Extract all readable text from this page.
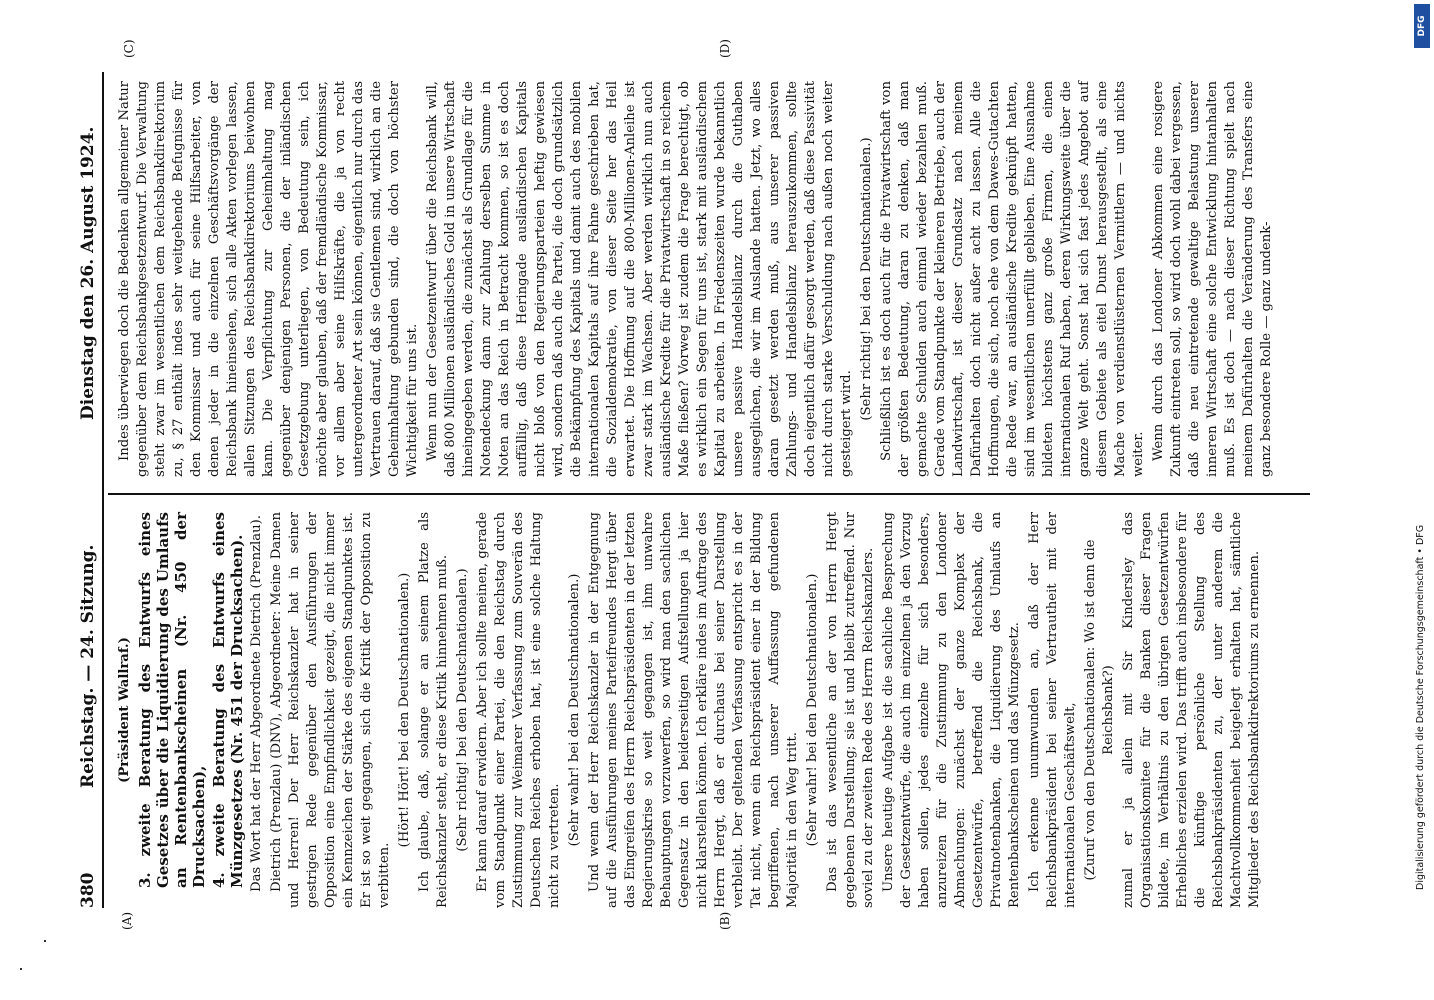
380
Reichstag. — 24. Sitzung.
Dienstag den 26. August 1924.
(A)	(B)
(C)	(D)

(Präsident Wallraf.) 3. zweite Beratung des Entwurfs eines Gesetzes über die Liquidierung des Umlaufs an Rentenbankscheinen (Nr. 450 der Drucksachen), 4. zweite Beratung des Entwurfs eines Münzgesetzes (Nr. 451 der Drucksachen). Das Wort hat der Herr Abgeordnete Dietrich (Prenzlau). Dietrich (Prenzlau) (DNV), Abgeordneter: Meine Damen und Herren! Der Herr Reichskanzler hat in seiner gestrigen Rede gegenüber den Ausführungen der Opposition eine Empfindlichkeit gezeigt, die nicht immer ein Kennzeichen der Stärke des eigenen Standpunktes ist. Er ist so weit gegangen, sich die Kritik der Opposition zu verbitten.

(Hört! Hört! bei den Deutschnationalen.) Ich glaube, daß, solange er an seinem Platze als Reichskanzler steht, er diese Kritik hinnehmen muß. (Sehr richtig! bei den Deutschnationalen.) Er kann darauf erwidern. Aber ich sollte meinen, gerade vom Standpunkt einer Partei, die den Reichstag durch Zustimmung zur Weimarer Verfassung zum Souverän des Deutschen Reiches erhoben hat, ist eine solche Haltung nicht zu vertreten. (Sehr wahr! bei den Deutschnationalen.) Und wenn der Herr Reichskanzler in der Entgegnung auf die Ausführungen meines Parteifreundes Hergt über das Eingreifen des Herrn Reichspräsidenten in der letzten Regierungskrise so weit gegangen ist, ihm unwahre Behauptungen vorzuwerfen, so wird man den sachlichen Gegensatz in den beiderseitigen Aufstellungen ja hier nicht klarstellen können. Ich erkläre indes im Auftrage des Herrn Hergt, daß er durchaus bei seiner Darstellung verbleibt. Der geltenden Verfassung entspricht es in der Tat nicht, wenn ein Reichspräsident einer in der Bildung begriffenen, nach unserer Auffassung gefundenen Majorität in den Weg tritt. (Sehr wahr! bei den Deutschnationalen.) Das ist das wesentliche an der von Herrn Hergt gegebenen Darstellung; sie ist und bleibt zutreffend. Nur soviel zu der zweiten Rede des Herrn Reichskanzlers. Unsere heutige Aufgabe ist die sachliche Besprechung der Gesetzentwürfe, die auch im einzelnen ja den Vorzug haben sollen, jedes einzelne für sich besonders, anzureizen für die Zustimmung zu den Londoner Abmachungen: zunächst der ganze Komplex der Gesetzentwürfe, betreffend die Reichsbank, die Privatnotenbanken, die Liquidierung des Umlaufs an Rentenbankscheinen und das Münzgesetz. Ich erkenne unumwunden an, daß der Herr Reichsbankpräsident bei seiner Vertrautheit mit der internationalen Geschäftswelt, (Zuruf von den Deutschnationalen: Wo ist denn die Reichsbank?) zumal er ja allein mit Sir Kindersley das Organisationskomitee für die Banken dieser Fragen bildete, im Verhältnis zu den übrigen Gesetzentwürfen Erhebliches erzielen wird. Das trifft auch insbesondere für die künftige persönliche Stellung des Reichsbankpräsidenten zu, der unter anderem die Machtvollkommenheit beigelegt erhalten hat, sämtliche Mitglieder des Reichsbankdirektoriums zu ernennen.

Indes überwiegen doch die Bedenken allgemeiner Natur gegenüber dem Reichsbankgesetzentwurf. Die Verwaltung steht zwar im wesentlichen dem Reichsbankdirektorium zu, § 27 enthält indes sehr weitgehende Befugnisse für den Kommissar und auch für seine Hilfsarbeiter, von denen jeder in die einzelnen Geschäftsvorgänge der Reichsbank hineinsehen, sich alle Akten vorlegen lassen, allen Sitzungen des Reichsbankdirektoriums beiwohnen kann. Die Verpflichtung zur Geheimhaltung mag gegenüber denjenigen Personen, die der inländischen Gesetzgebung unterliegen, von Bedeutung sein, ich möchte aber glauben, daß der fremdländische Kommissar, vor allem aber seine Hilfskräfte, die ja von recht untergeordneter Art sein können, eigentlich nur durch das Vertrauen darauf, daß sie Gentlemen sind, wirklich an die Geheimhaltung gebunden sind, die doch von höchster Wichtigkeit für uns ist. Wenn nun der Gesetzentwurf über die Reichsbank will, daß 800 Millionen ausländisches Gold in unsere Wirtschaft hineingegeben werden, die zunächst als Grundlage für die Notendeckung dann zur Zahlung derselben Summe in Noten an das Reich in Betracht kommen, so ist es doch auffällig, daß diese Heringade ausländischen Kapitals nicht bloß von den Regierungsparteien heftig gewiesen wird, sondern daß auch die Partei, die doch grundsätzlich die Bekämpfung des Kapitals und damit auch des mobilen internationalen Kapitals auf ihre Fahne geschrieben hat, die Sozialdemokratie, von dieser Seite her das Heil erwartet. Die Hoffnung auf die 800-Millionen-Anleihe ist zwar stark im Wachsen. Aber werden wirklich nun auch ausländische Kredite für die Privatwirtschaft in so reichem Maße fließen? Vorweg ist zudem die Frage berechtigt, ob es wirklich ein Segen für uns ist, stark mit ausländischem Kapital zu arbeiten. In Friedenszeiten wurde bekanntlich unsere passive Handelsbilanz durch die Guthaben ausgeglichen, die wir im Auslande hatten. Jetzt, wo alles daran gesetzt werden muß, aus unserer passiven Zahlungs- und Handelsbilanz herauszukommen, sollte doch eigentlich dafür gesorgt werden, daß diese Passivität nicht durch starke Verschuldung nach außen noch weiter gesteigert wird.

(Sehr richtig! bei den Deutschnationalen.) Schließlich ist es doch auch für die Privatwirtschaft von der größten Bedeutung, daran zu denken, daß man gemachte Schulden auch einmal wieder bezahlen muß. Gerade vom Standpunkte der kleineren Betriebe, auch der Landwirtschaft, ist dieser Grundsatz nach meinem Dafürhalten doch nicht außer acht zu lassen. Alle die Hoffnungen, die sich, noch ehe von dem Dawes-Gutachten die Rede war, an ausländische Kredite geknüpft hatten, sind im wesentlichen unerfüllt geblieben. Eine Ausnahme bildeten höchstens ganz große Firmen, die einen internationalen Ruf haben, deren Wirkungsweite über die ganze Welt geht. Sonst hat sich fast jedes Angebot auf diesem Gebiete als eitel Dunst herausgestellt, als eine Mache von verdienstlüsternen Vermittlern — und nichts weiter. Wenn durch das Londoner Abkommen eine rosigere Zukunft eintreten soll, so wird doch wohl dabei vergessen, daß die neu eintretende gewaltige Belastung unserer inneren Wirtschaft eine solche Entwicklung hintanhalten muß. Es ist doch — nach dieser Richtung spielt nach meinem Dafürhalten die Veränderung des Transfers eine ganz besondere Rolle — ganz undenk-

Digitalisierung gefördert durch die Deutsche Forschungsgemeinschaft • DFG
DFG
